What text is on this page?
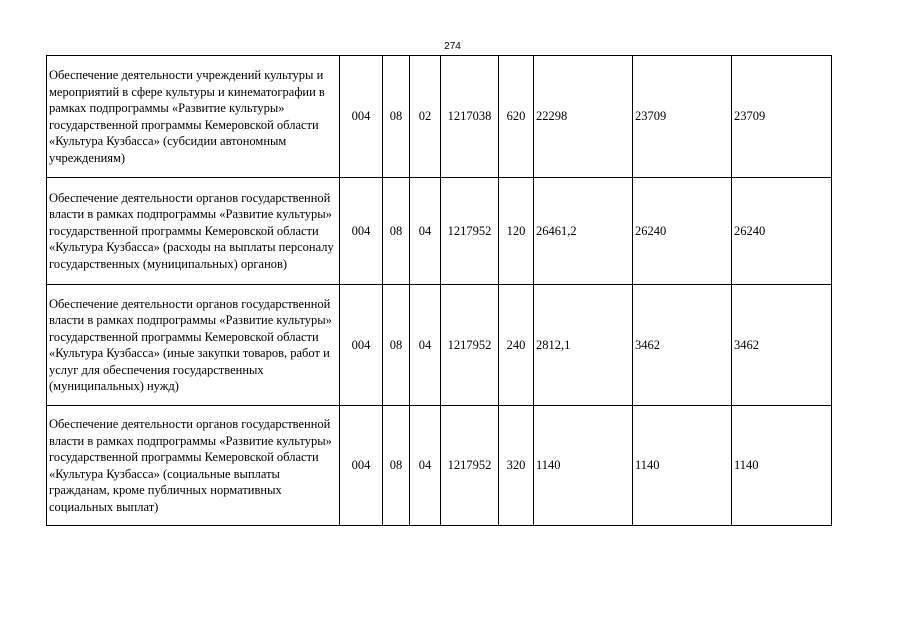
274
Обеспечение деятельности учреждений культуры и мероприятий в сфере культуры и кинематографии в рамках подпрограммы «Развитие культуры» государственной программы Кемеровской области «Культура Кузбасса» (субсидии автономным учреждениям)	004	08	02	1217038	620	22298	23709	23709
Обеспечение деятельности органов государственной власти в рамках подпрограммы «Развитие культуры» государственной программы Кемеровской области «Культура Кузбасса» (расходы на выплаты персоналу государственных (муниципальных) органов)	004	08	04	1217952	120	26461,2	26240	26240
Обеспечение деятельности органов государственной власти в рамках подпрограммы «Развитие культуры» государственной программы Кемеровской области «Культура Кузбасса» (иные закупки товаров, работ и услуг для обеспечения государственных (муниципальных) нужд)	004	08	04	1217952	240	2812,1	3462	3462
Обеспечение деятельности органов государственной власти в рамках подпрограммы «Развитие культуры» государственной программы Кемеровской области «Культура Кузбасса» (социальные выплаты гражданам, кроме публичных нормативных социальных выплат)	004	08	04	1217952	320	1140	1140	1140
